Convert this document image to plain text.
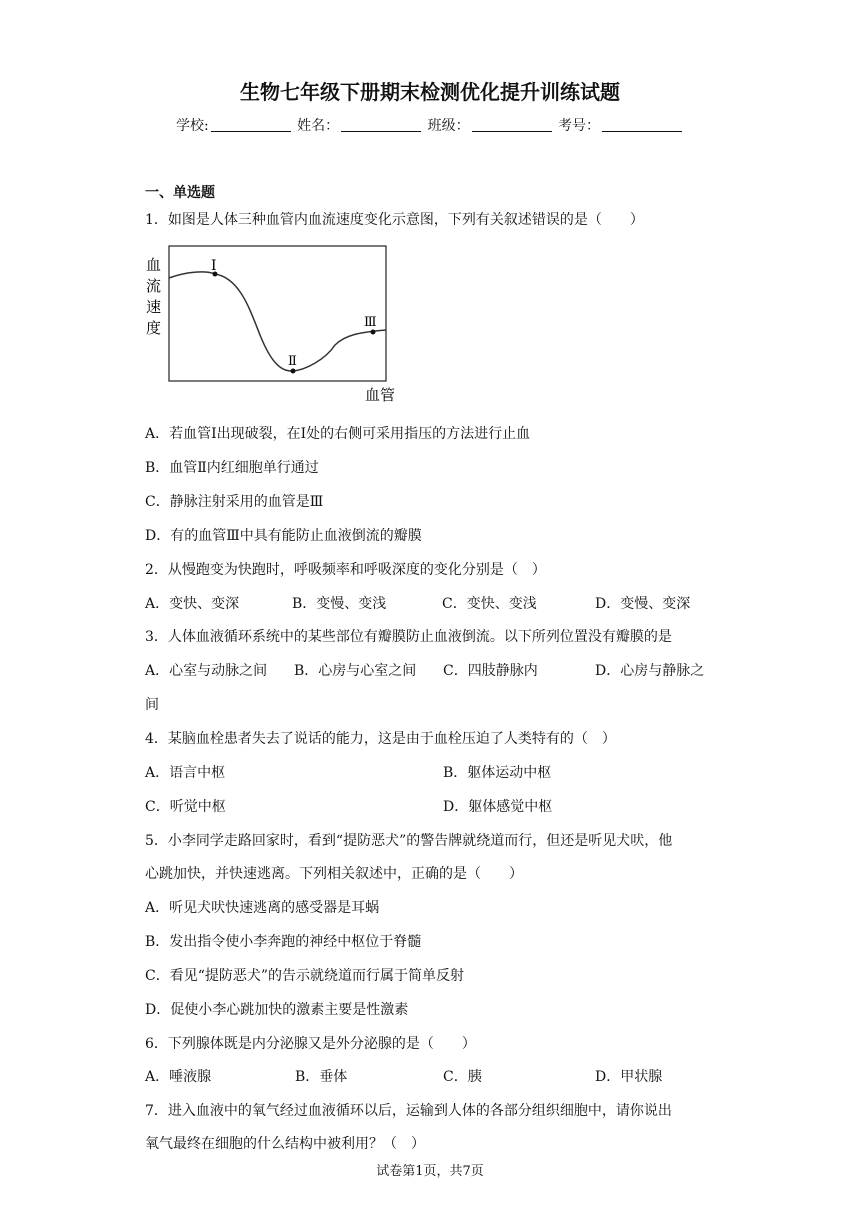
生物七年级下册期末检测优化提升训练试题
学校:	姓名：	班级：	考号：
一、单选题
1．如图是人体三种血管内血流速度变化示意图，下列有关叙述错误的是（　　）
Ⅰ
Ⅱ
Ⅲ
血
流
速
度
血管
A．若血管Ⅰ出现破裂，在Ⅰ处的右侧可采用指压的方法进行止血
B．血管Ⅱ内红细胞单行通过
C．静脉注射采用的血管是Ⅲ
D．有的血管Ⅲ中具有能防止血液倒流的瓣膜
2．从慢跑变为快跑时，呼吸频率和呼吸深度的变化分别是（　）
A．变快、变深	B．变慢、变浅	C．变快、变浅	D．变慢、变深
3．人体血液循环系统中的某些部位有瓣膜防止血液倒流。以下所列位置没有瓣膜的是
A．心室与动脉之间 B．心房与心室之间 C．四肢静脉内	D．心房与静脉之
间
4．某脑血栓患者失去了说话的能力，这是由于血栓压迫了人类特有的（　）
A．语言中枢	B．躯体运动中枢
C．听觉中枢	D．躯体感觉中枢
5．小李同学走路回家时，看到“提防恶犬”的警告牌就绕道而行，但还是听见犬吠，他
心跳加快，并快速逃离。下列相关叙述中，正确的是（　　）
A．听见犬吠快速逃离的感受器是耳蜗
B．发出指令使小李奔跑的神经中枢位于脊髓
C．看见“提防恶犬”的告示就绕道而行属于简单反射
D．促使小李心跳加快的激素主要是性激素
6．下列腺体既是内分泌腺又是外分泌腺的是（　　）
A．唾液腺	B．垂体	C．胰	D．甲状腺
7．进入血液中的氧气经过血液循环以后，运输到人体的各部分组织细胞中，请你说出
氧气最终在细胞的什么结构中被利用？（　）
试卷第1页，共7页
